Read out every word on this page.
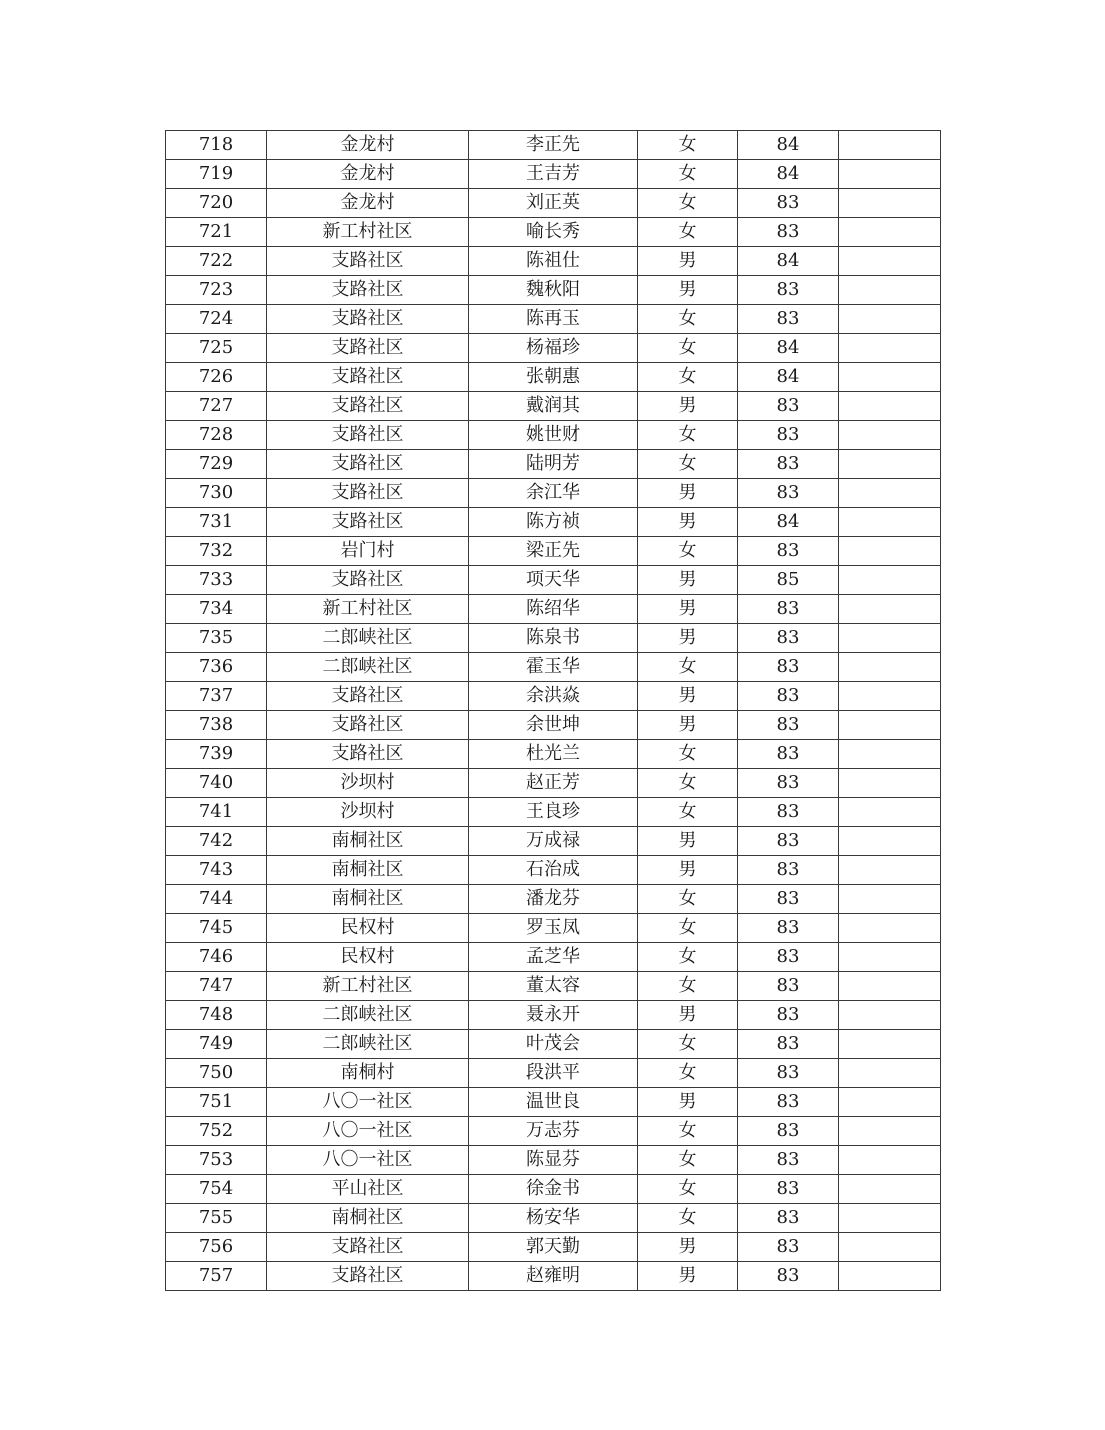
718	金龙村	李正先	女	84	
719	金龙村	王吉芳	女	84	
720	金龙村	刘正英	女	83	
721	新工村社区	喻长秀	女	83	
722	支路社区	陈祖仕	男	84	
723	支路社区	魏秋阳	男	83	
724	支路社区	陈再玉	女	83	
725	支路社区	杨福珍	女	84	
726	支路社区	张朝惠	女	84	
727	支路社区	戴润其	男	83	
728	支路社区	姚世财	女	83	
729	支路社区	陆明芳	女	83	
730	支路社区	余江华	男	83	
731	支路社区	陈方祯	男	84	
732	岩门村	梁正先	女	83	
733	支路社区	项天华	男	85	
734	新工村社区	陈绍华	男	83	
735	二郎峡社区	陈泉书	男	83	
736	二郎峡社区	霍玉华	女	83	
737	支路社区	余洪焱	男	83	
738	支路社区	余世坤	男	83	
739	支路社区	杜光兰	女	83	
740	沙坝村	赵正芳	女	83	
741	沙坝村	王良珍	女	83	
742	南桐社区	万成禄	男	83	
743	南桐社区	石治成	男	83	
744	南桐社区	潘龙芬	女	83	
745	民权村	罗玉凤	女	83	
746	民权村	孟芝华	女	83	
747	新工村社区	董太容	女	83	
748	二郎峡社区	聂永开	男	83	
749	二郎峡社区	叶茂会	女	83	
750	南桐村	段洪平	女	83	
751	八〇一社区	温世良	男	83	
752	八〇一社区	万志芬	女	83	
753	八〇一社区	陈显芬	女	83	
754	平山社区	徐金书	女	83	
755	南桐社区	杨安华	女	83	
756	支路社区	郭天勤	男	83	
757	支路社区	赵雍明	男	83	
